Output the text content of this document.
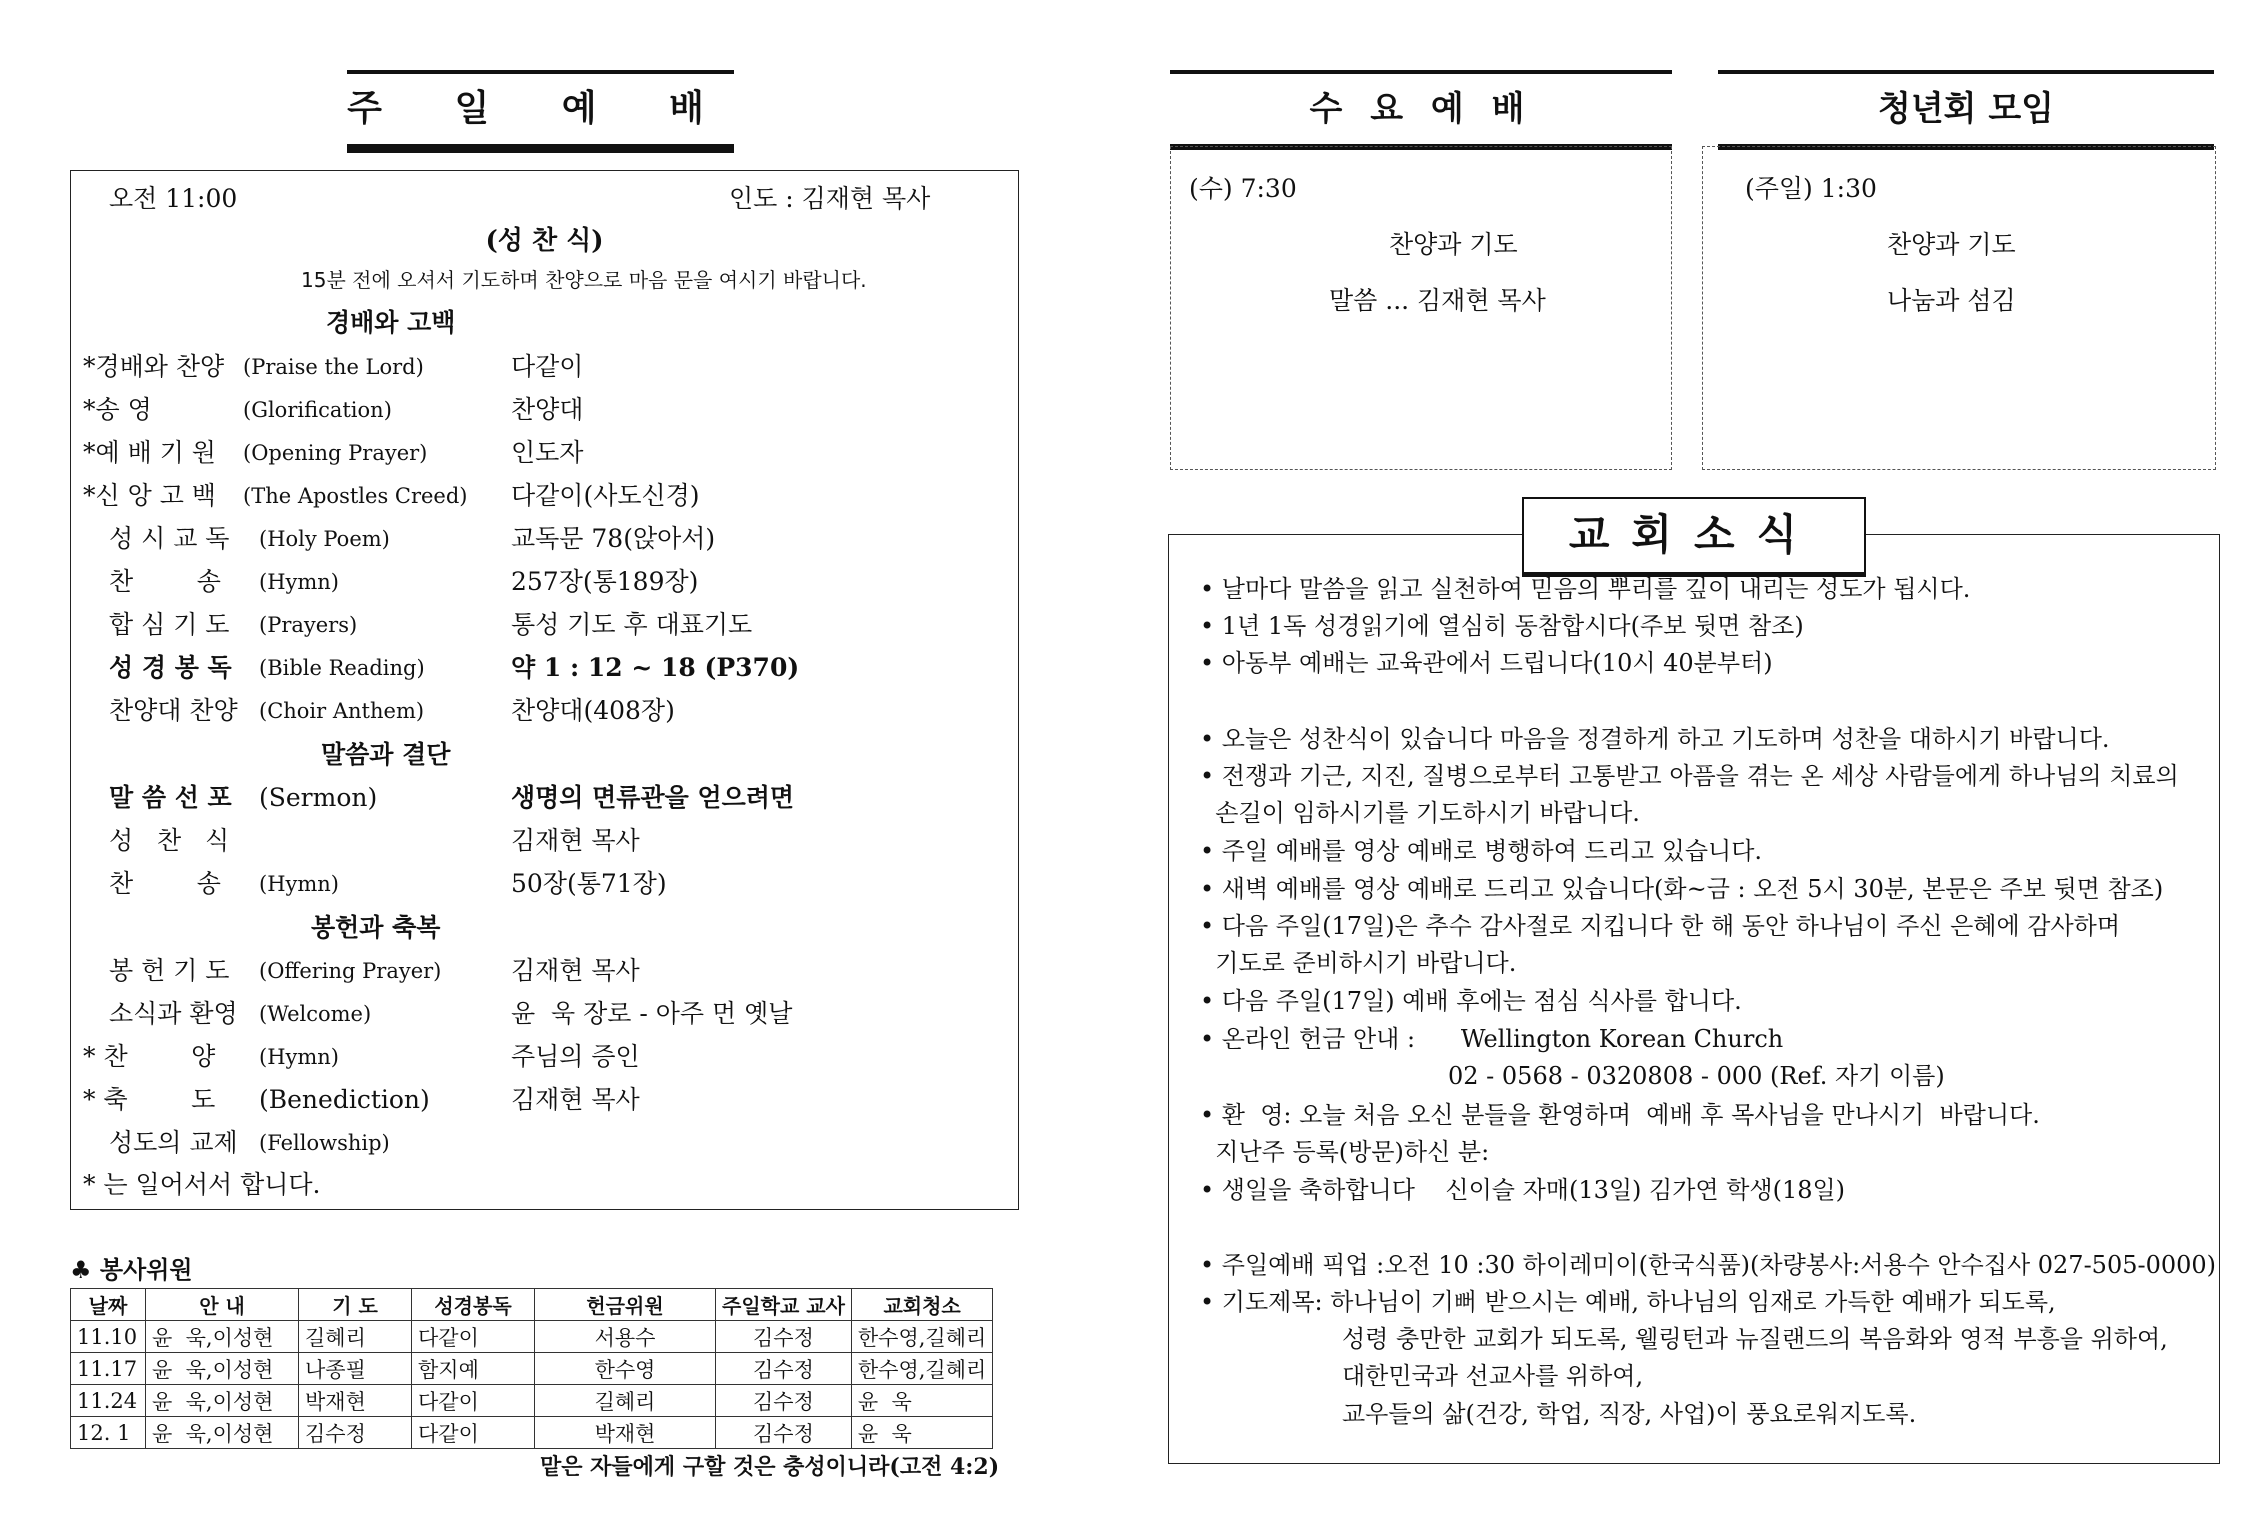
주 일 예 배
오전 11:00	인도 : 김재현 목사
(성 찬 식)
15분 전에 오셔서 기도하며 찬양으로 마음 문을 여시기 바랍니다.
경배와 고백
*경배와 찬양 (Praise the Lord)	다같이
*송 영	(Glorification)	찬양대
*예 배 기 원 (Opening Prayer)	인도자
*신 앙 고 백 (The Apostles Creed) 다같이(사도신경)
성 시 교 독 (Holy Poem)	교독문 78(앉아서)
찬        송 (Hymn)	257장(통189장)
합 심 기 도 (Prayers)	통성 기도 후 대표기도
성 경 봉 독 (Bible Reading)	약 1 : 12 ~ 18 (P370)
찬양대 찬양 (Choir Anthem)	찬양대(408장)
말씀과 결단
말 씀 선 포 (Sermon)	생명의 면류관을 얻으려면
성   찬   식	김재현 목사
찬        송 (Hymn)	50장(통71장)
봉헌과 축복
봉 헌 기 도 (Offering Prayer)	김재현 목사
소식과 환영 (Welcome)	윤  욱 장로 - 아주 먼 옛날
* 찬        양 (Hymn)	주님의 증인
* 축        도 (Benediction)	김재현 목사
성도의 교제 (Fellowship)
* 는 일어서서 합니다.
♣ 봉사위원
날짜	안 내	기 도	성경봉독	헌금위원	주일학교 교사	교회청소
11.10	윤  욱,이성현	길혜리	다같이	서용수	김수정	한수영,길혜리
11.17	윤  욱,이성현	나종필	함지예	한수영	김수정	한수영,길혜리
11.24	윤  욱,이성현	박재현	다같이	길혜리	김수정	윤  욱
12. 1	윤  욱,이성현	김수정	다같이	박재현	김수정	윤  욱
맡은 자들에게 구할 것은 충성이니라(고전 4:2)
수 요 예 배	청년회 모임
(수) 7:30
찬양과 기도
말씀 ... 김재현 목사
(주일) 1:30
찬양과 기도
나눔과 섬김
교회소식
• 날마다 말씀을 읽고 실천하여 믿음의 뿌리를 깊이 내리는 성도가 됩시다.
• 1년 1독 성경읽기에 열심히 동참합시다(주보 뒷면 참조)
• 아동부 예배는 교육관에서 드립니다(10시 40분부터)
• 오늘은 성찬식이 있습니다 마음을 정결하게 하고 기도하며 성찬을 대하시기 바랍니다.
• 전쟁과 기근, 지진, 질병으로부터 고통받고 아픔을 겪는 온 세상 사람들에게 하나님의 치료의
손길이 임하시기를 기도하시기 바랍니다.
• 주일 예배를 영상 예배로 병행하여 드리고 있습니다.
• 새벽 예배를 영상 예배로 드리고 있습니다(화~금 : 오전 5시 30분, 본문은 주보 뒷면 참조)
• 다음 주일(17일)은 추수 감사절로 지킵니다 한 해 동안 하나님이 주신 은혜에 감사하며
기도로 준비하시기 바랍니다.
• 다음 주일(17일) 예배 후에는 점심 식사를 합니다.
• 온라인 헌금 안내 :      Wellington Korean Church
02 - 0568 - 0320808 - 000 (Ref. 자기 이름)
• 환  영: 오늘 처음 오신 분들을 환영하며  예배 후 목사님을 만나시기  바랍니다.
지난주 등록(방문)하신 분:
• 생일을 축하합니다    신이슬 자매(13일) 김가연 학생(18일)
• 주일예배 픽업 :오전 10 :30 하이레미이(한국식품)(차량봉사:서용수 안수집사 027-505-0000)
• 기도제목: 하나님이 기뻐 받으시는 예배, 하나님의 임재로 가득한 예배가 되도록,
성령 충만한 교회가 되도록, 웰링턴과 뉴질랜드의 복음화와 영적 부흥을 위하여,
대한민국과 선교사를 위하여,
교우들의 삶(건강, 학업, 직장, 사업)이 풍요로워지도록.
